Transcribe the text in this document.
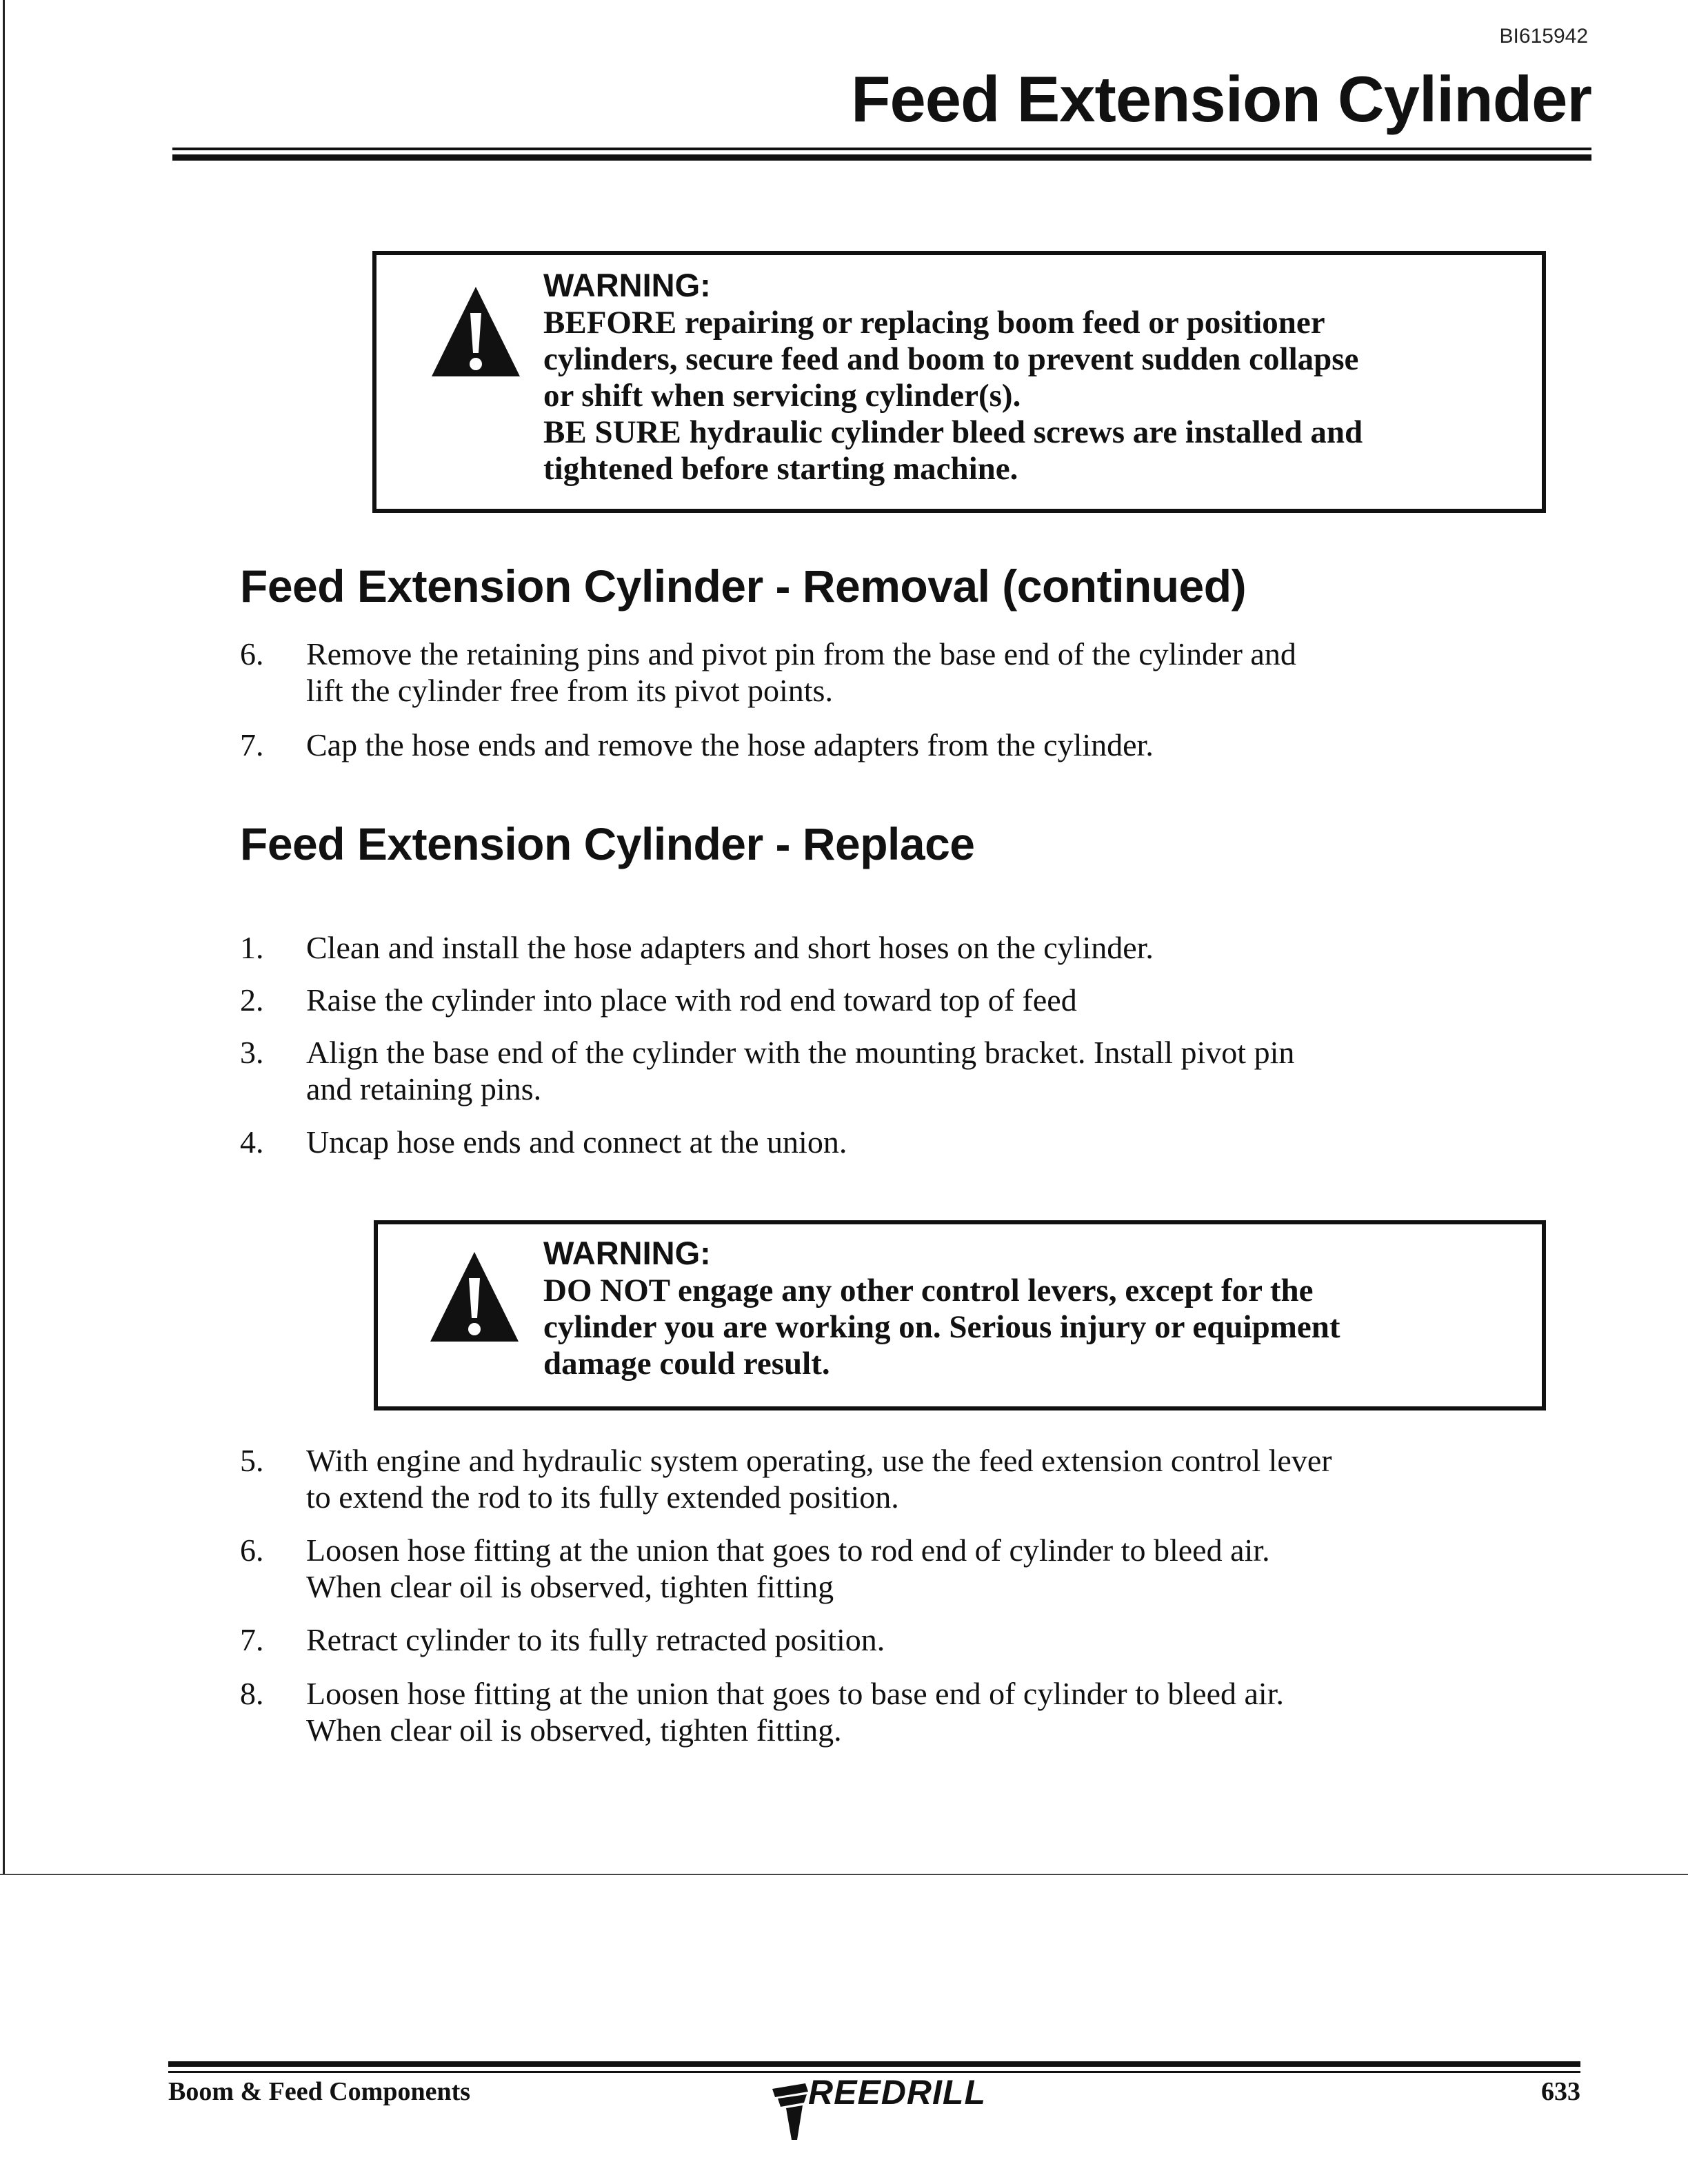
BI615942
Feed Extension Cylinder

WARNING:

BEFORE repairing or replacing boom feed or positioner
cylinders, secure feed and boom to prevent sudden collapse
or shift when servicing cylinder(s).
BE SURE hydraulic cylinder bleed screws are installed and
tightened before starting machine.

Feed Extension Cylinder - Removal (continued)
6. Remove the retaining pins and pivot pin from the base end of the cylinder and
lift the cylinder free from its pivot points.
7. Cap the hose ends and remove the hose adapters from the cylinder.
Feed Extension Cylinder - Replace
1. Clean and install the hose adapters and short hoses on the cylinder.
2. Raise the cylinder into place with rod end toward top of feed
3. Align the base end of the cylinder with the mounting bracket. Install pivot pin
and retaining pins.
4. Uncap hose ends and connect at the union.

WARNING:

DO NOT engage any other control levers, except for the
cylinder you are working on. Serious injury or equipment
damage could result.

5. With engine and hydraulic system operating, use the feed extension control lever
to extend the rod to its fully extended position.
6. Loosen hose fitting at the union that goes to rod end of cylinder to bleed air.
When clear oil is observed, tighten fitting
7. Retract cylinder to its fully retracted position.
8. Loosen hose fitting at the union that goes to base end of cylinder to bleed air.
When clear oil is observed, tighten fitting.
Boom & Feed Components	REEDRILL	633
